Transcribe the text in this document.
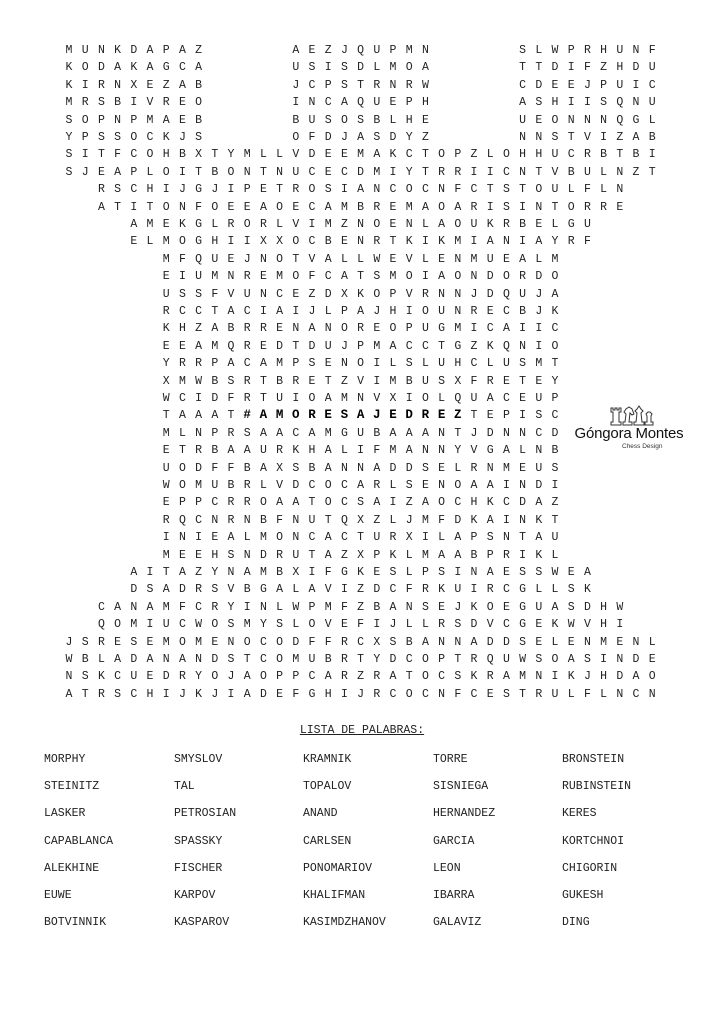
M U N K D A P A Z	A E Z J Q U P M N	S L W P R H U N F
K O D A K A G C A	U S I S D L M O A	T T D I F Z H D U
K I R N X E Z A B	J C P S T R N R W	C D E E J P U I C
M R S B I V R E O	I N C A Q U E P H	A S H I I S Q N U
S O P N P M A E B	B U S O S B L H E	U E O N N N Q G L
Y P S S O C K J S	O F D J A S D Y Z	N N S T V I Z A B
S I T F C O H B X T Y M L L V D E E M A K C T O P Z L O H H U C R B T B I
S J E A P L O I T B O N T N U C E C D M I Y T R R I I C N T V B U L N Z T
R S C H I J G J I P E T R O S I A N C O C N F C T S T O U L F L N
A T I T O N F O E E A O E C A M B R E M A O A R I S I N T O R R E
A M E K G L R O R L V I M Z N O E N L A O U K R B E L G U
E L M O G H I I X X O C B E N R T K I K M I A N I A Y R F
M F Q U E J N O T V A L L W E V L E N M U E A L M
E I U M N R E M O F C A T S M O I A O N D O R D O
U S S F V U N C E Z D X K O P V R N N J D Q U J A
R C C T A C I A I J L P A J H I O U N R E C B J K
K H Z A B R R E N A N O R E O P U G M I C A I I C
E E A M Q R E D T D U J P M A C C T G Z K Q N I O
Y R R P A C A M P S E N O I L S L U H C L U S M T
X M W B S R T B R E T Z V I M B U S X F R E T E Y
W C I D F R T U I O A M N V X I O L Q U A C E U P
T A A A T # A M O R E S A J E D R E Z T E P I S C
M L N P R S A A C A M G U B A A A N T J D N N C D
E T R B A A U R K H A L I F M A N N Y V G A L N B
U O D F F B A X S B A N N A D D S E L R N M E U S
W O M U B R L V D C O C A R L S E N O A A I N D I
E P P C R R O A A T O C S A I Z A O C H K C D A Z
R Q C N R N B F N U T Q X Z L J M F D K A I N K T
I N I E A L M O N C A C T U R X I L A P S N T A U
M E E H S N D R U T A Z X P K L M A A B P R I K L
A I T A Z Y N A M B X I F G K E S L P S I N A E S S W E A
D S A D R S V B G A L A V I Z D C F R K U I R C G L L S K
C A N A M F C R Y I N L W P M F Z B A N S E J K O E G U A S D H W
Q O M I U C W O S M Y S L O V E F I J L L R S D V C G E K W V H I
J S R E S E M O M E N O C O D F F R C X S B A N N A D D S E L E N M E N L
W B L A D A N A N D S T C O M U B R T Y D C O P T R Q U W S O A S I N D E
N S K C U E D R Y O J A O P P C A R Z R A T O C S K R A M N I K J H D A O
A T R S C H I J K J I A D E F G H I J R C O C N F C E S T R U L F L N C N
Góngora Montes
Chess Design
LISTA DE PALABRAS:
MORPHY	SMYSLOV	KRAMNIK	TORRE	BRONSTEIN
STEINITZ	TAL	TOPALOV	SISNIEGA	RUBINSTEIN
LASKER	PETROSIAN	ANAND	HERNANDEZ	KERES
CAPABLANCA	SPASSKY	CARLSEN	GARCIA	KORTCHNOI
ALEKHINE	FISCHER	PONOMARIOV	LEON	CHIGORIN
EUWE	KARPOV	KHALIFMAN	IBARRA	GUKESH
BOTVINNIK	KASPAROV	KASIMDZHANOV	GALAVIZ	DING
